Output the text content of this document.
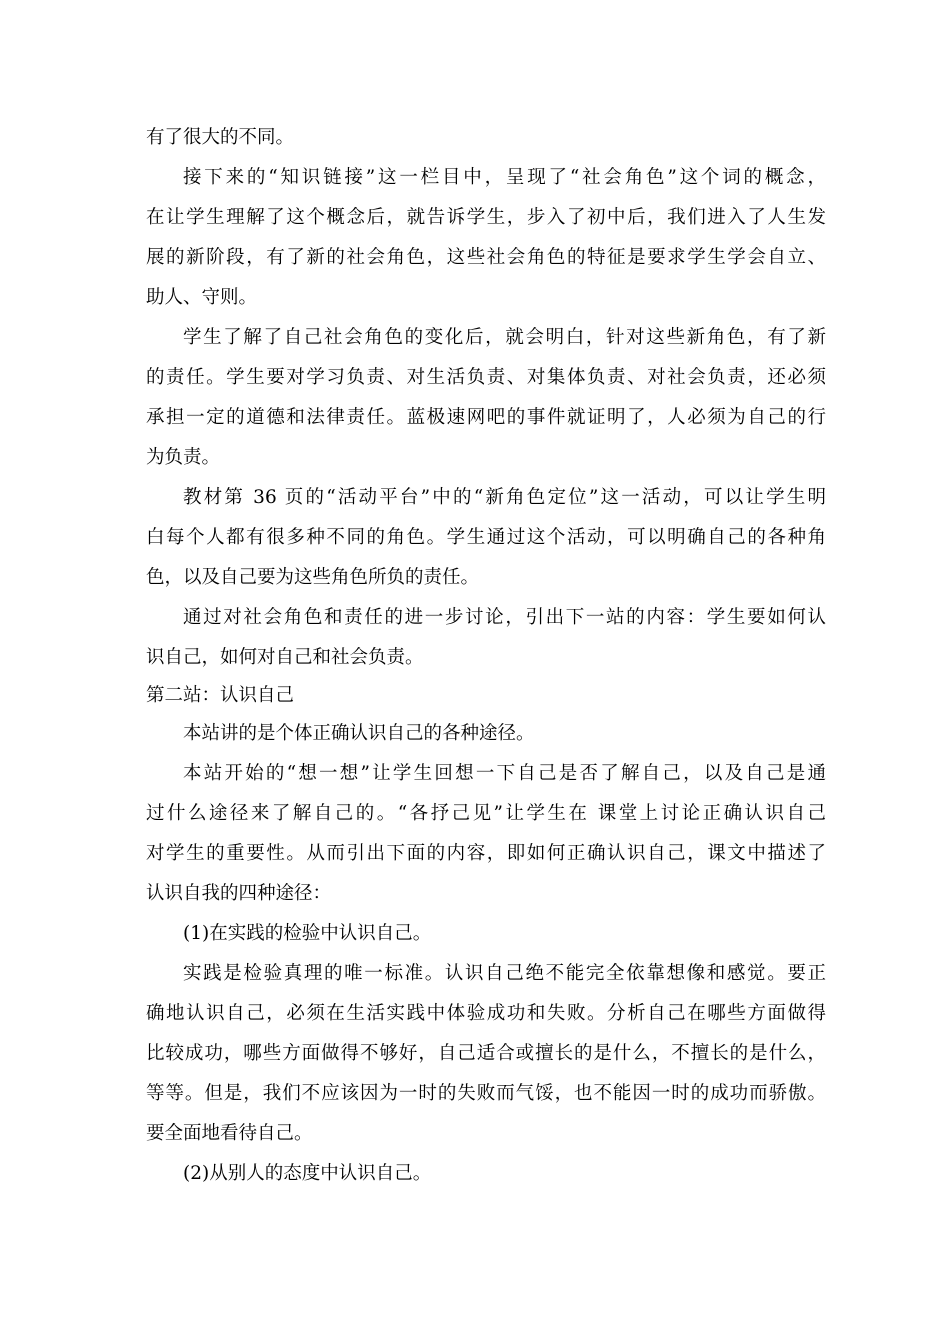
有了很大的不同。
接下来的“知识链接”这一栏目中，呈现了“社会角色”这个词的概念，
在让学生理解了这个概念后，就告诉学生，步入了初中后，我们进入了人生发
展的新阶段，有了新的社会角色，这些社会角色的特征是要求学生学会自立、
助人、守则。
学生了解了自己社会角色的变化后，就会明白，针对这些新角色，有了新
的责任。学生要对学习负责、对生活负责、对集体负责、对社会负责，还必须
承担一定的道德和法律责任。蓝极速网吧的事件就证明了，人必须为自己的行
为负责。
教材第 36 页的“活动平台”中的“新角色定位”这一活动，可以让学生明
白每个人都有很多种不同的角色。学生通过这个活动，可以明确自己的各种角
色，以及自己要为这些角色所负的责任。
通过对社会角色和责任的进一步讨论，引出下一站的内容：学生要如何认
识自己，如何对自己和社会负责。
第二站：认识自己
本站讲的是个体正确认识自己的各种途径。
本站开始的“想一想”让学生回想一下自己是否了解自己，以及自己是通
过什么途径来了解自己的。“各抒己见”让学生在 课堂上讨论正确认识自己
对学生的重要性。从而引出下面的内容，即如何正确认识自己，课文中描述了
认识自我的四种途径：
(1)在实践的检验中认识自己。
实践是检验真理的唯一标准。认识自己绝不能完全依靠想像和感觉。要正
确地认识自己，必须在生活实践中体验成功和失败。分析自己在哪些方面做得
比较成功，哪些方面做得不够好，自己适合或擅长的是什么，不擅长的是什么，
等等。但是，我们不应该因为一时的失败而气馁，也不能因一时的成功而骄傲。
要全面地看待自己。
(2)从别人的态度中认识自己。
